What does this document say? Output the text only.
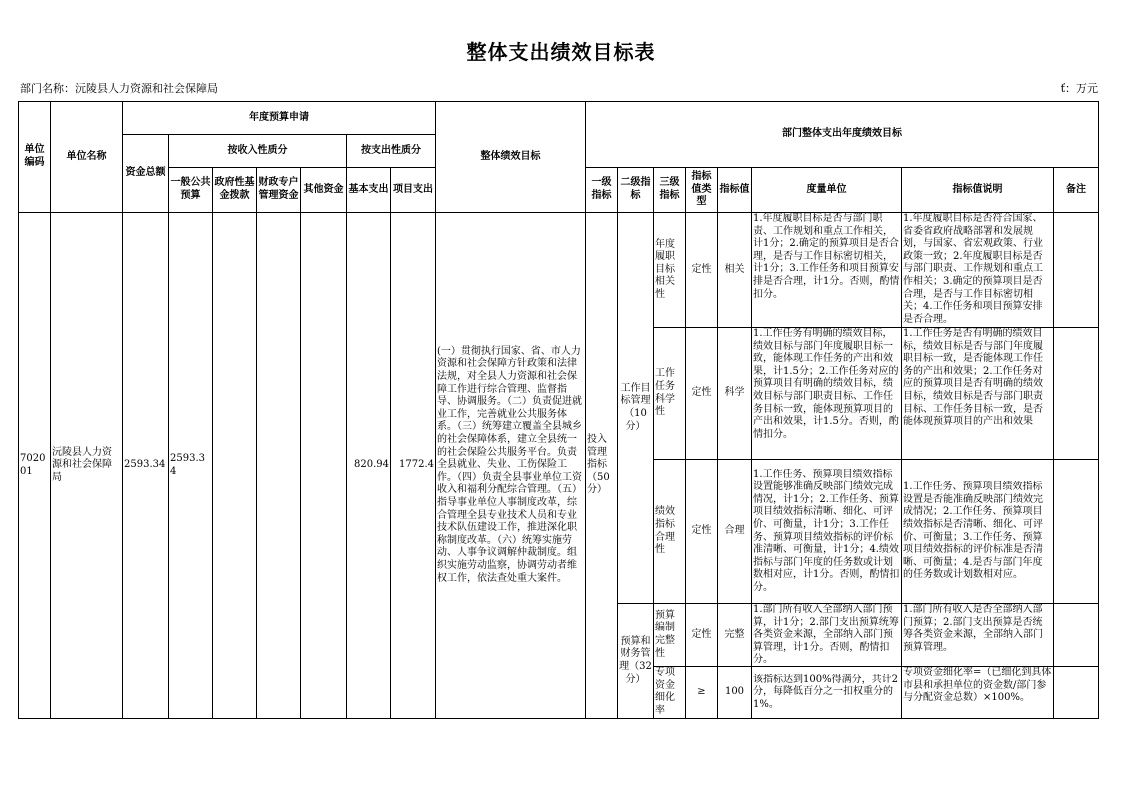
整体支出绩效目标表
部门名称：沅陵县人力资源和社会保障局	ť：万元
单位编码	单位名称	年度预算申请							整体绩效目标	部门整体支出年度绩效目标							
		资金总额	按收入性质分				按支出性质分										
			一般公共预算	政府性基金拨款	财政专户管理资金	其他资金	基本支出	项目支出		一级指标	二级指标	三级指标	指标值类型	指标值	度量单位	指标值说明	备注
702001	沅陵县人力资源和社会保障局	2593.34	2593.34				820.94	1772.4	(一）贯彻执行国家、省、市人力资源和社会保障方针政策和法律法规，对全县人力资源和社会保障工作进行综合管理、监督指导、协调服务。（二）负责促进就业工作，完善就业公共服务体系。（三）统筹建立覆盖全县城乡的社会保障体系，建立全县统一的社会保险公共服务平台。负责全县就业、失业、工伤保险工作。（四）负责全县事业单位工资收入和福利分配综合管理。（五）指导事业单位人事制度改革，综合管理全县专业技术人员和专业技术队伍建设工作，推进深化职称制度改革。（六）统筹实施劳动、人事争议调解仲裁制度。组织实施劳动监察，协调劳动者维权工作，依法查处重大案件。	投入管理指标（50分）	工作目标管理（10分）	年度履职目标相关性	定性	相关	1.年度履职目标是否与部门职责、工作规划和重点工作相关，计1分；2.确定的预算项目是否合理，是否与工作目标密切相关，计1分；3.工作任务和项目预算安排是否合理，计1分。否则，酌情扣分。	1.年度履职目标是否符合国家、省委省政府战略部署和发展规划，与国家、省宏观政策、行业政策一致；2.年度履职目标是否与部门职责、工作规划和重点工作相关；3.确定的预算项目是否合理，是否与工作目标密切相关；4.工作任务和项目预算安排是否合理。	

												工作任务科学性	定性	科学	1.工作任务有明确的绩效目标，绩效目标与部门年度履职目标一致，能体现工作任务的产出和效果，计1.5分；2.工作任务对应的预算项目有明确的绩效目标，绩效目标与部门职责目标、工作任务目标一致，能体现预算项目的产出和效果，计1.5分。否则，酌情扣分。	1.工作任务是否有明确的绩效目标，绩效目标是否与部门年度履职目标一致，是否能体现工作任务的产出和效果；2.工作任务对应的预算项目是否有明确的绩效目标，绩效目标是否与部门职责目标、工作任务目标一致，是否能体现预算项目的产出和效果	

												绩效指标合理性	定性	合理	1.工作任务、预算项目绩效指标设置能够准确反映部门绩效完成情况，计1分；2.工作任务、预算项目绩效指标清晰、细化、可评价、可衡量，计1分；3.工作任务、预算项目绩效指标的评价标准清晰、可衡量，计1分；4.绩效指标与部门年度的任务数或计划数相对应，计1分。否则，酌情扣分。	1.工作任务、预算项目绩效指标设置是否能准确反映部门绩效完成情况；2.工作任务、预算项目绩效指标是否清晰、细化、可评价、可衡量；3.工作任务、预算项目绩效指标的评价标准是否清晰、可衡量；4.是否与部门年度的任务数或计划数相对应。	

											预算和财务管理（32分）	预算编制完整性	定性	完整	1.部门所有收入全部纳入部门预算，计1分；2.部门支出预算统筹各类资金来源，全部纳入部门预算管理，计1分。否则，酌情扣分。	1.部门所有收入是否全部纳入部门预算；2.部门支出预算是否统筹各类资金来源，全部纳入部门预算管理。	

												专项资金细化率	≥	100	该指标达到100%得满分，共计2分，每降低百分之一扣权重分的1%。	专项资金细化率=（已细化到具体市县和承担单位的资金数/部门参与分配资金总数）×100%。	
